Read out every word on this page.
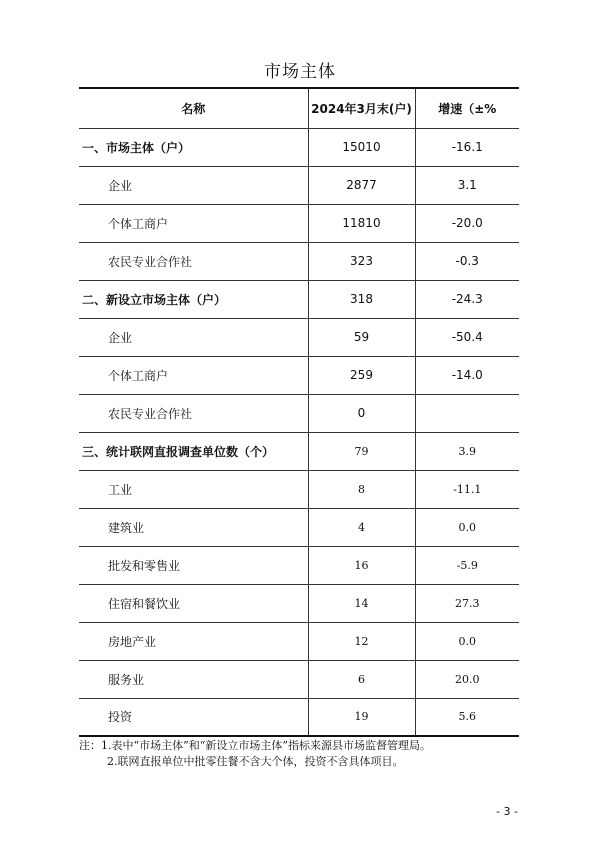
市场主体
名称	2024年3月末(户)	增速（±%
一、市场主体（户）	15010	-16.1
企业	2877	3.1
个体工商户	11810	-20.0
农民专业合作社	323	-0.3
二、新设立市场主体（户）	318	-24.3
企业	59	-50.4
个体工商户	259	-14.0
农民专业合作社	0	
三、统计联网直报调查单位数（个）	79	3.9
工业	8	-11.1
建筑业	4	0.0
批发和零售业	16	-5.9
住宿和餐饮业	14	27.3
房地产业	12	0.0
服务业	6	20.0
投资	19	5.6
注：1.表中“市场主体”和“新设立市场主体”指标来源县市场监督管理局。
2.联网直报单位中批零住餐不含大个体，投资不含具体项目。
- 3 -
